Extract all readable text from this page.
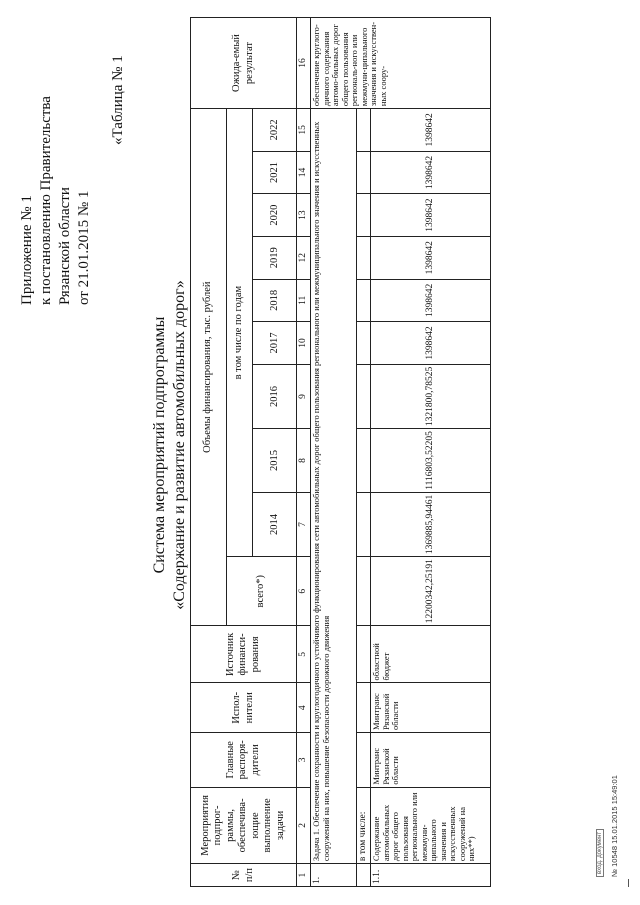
Приложение № 1 к постановлению Правительства Рязанской области от 21.01.2015 № 1
«Таблица № 1
Система мероприятий подпрограммы «Содержание и развитие автомобильных дорог»
№ п/п	Мероприятия подпрог-раммы, обеспечива-ющие выполнение задачи	Главные распоря-дители	Испол-нители	Источник финанси-рования	Объемы финансирования, тыс. рублей										Ожида-емый результат
					всего*)	в том числе по годам									
						2014	2015	2016	2017	2018	2019	2020	2021	2022	
1	2	3	4	5	6	7	8	9	10	11	12	13	14	15	16
1.	Задача 1. Обеспечение сохранности и круглогодичного устойчивого функционирования сети автомобильных дорог общего пользования регионального или межмуниципального значения и искусственных сооружений на них, повышение безопасности дорожного движения														обеспечение круглого-дичного содержания автомо-бильных дорог общего пользования региональ-ного или межмуни-ципального значения и искусствен-ных соору-
	в том числе:														
1.1.	Содержание автомобильных дорог общего пользования регионального или межмуни-ципального значения и искусственных сооружений на них**)	Минтранс Рязанской области	Минтранс Рязанской области	областной бюджет	12200342,25191	1369885,94461	1116803,52205	1321800,78525	1398642	1398642	1398642	1398642	1398642	1398642	
вход. документ № 10548 15.01.2015 15:49:01
